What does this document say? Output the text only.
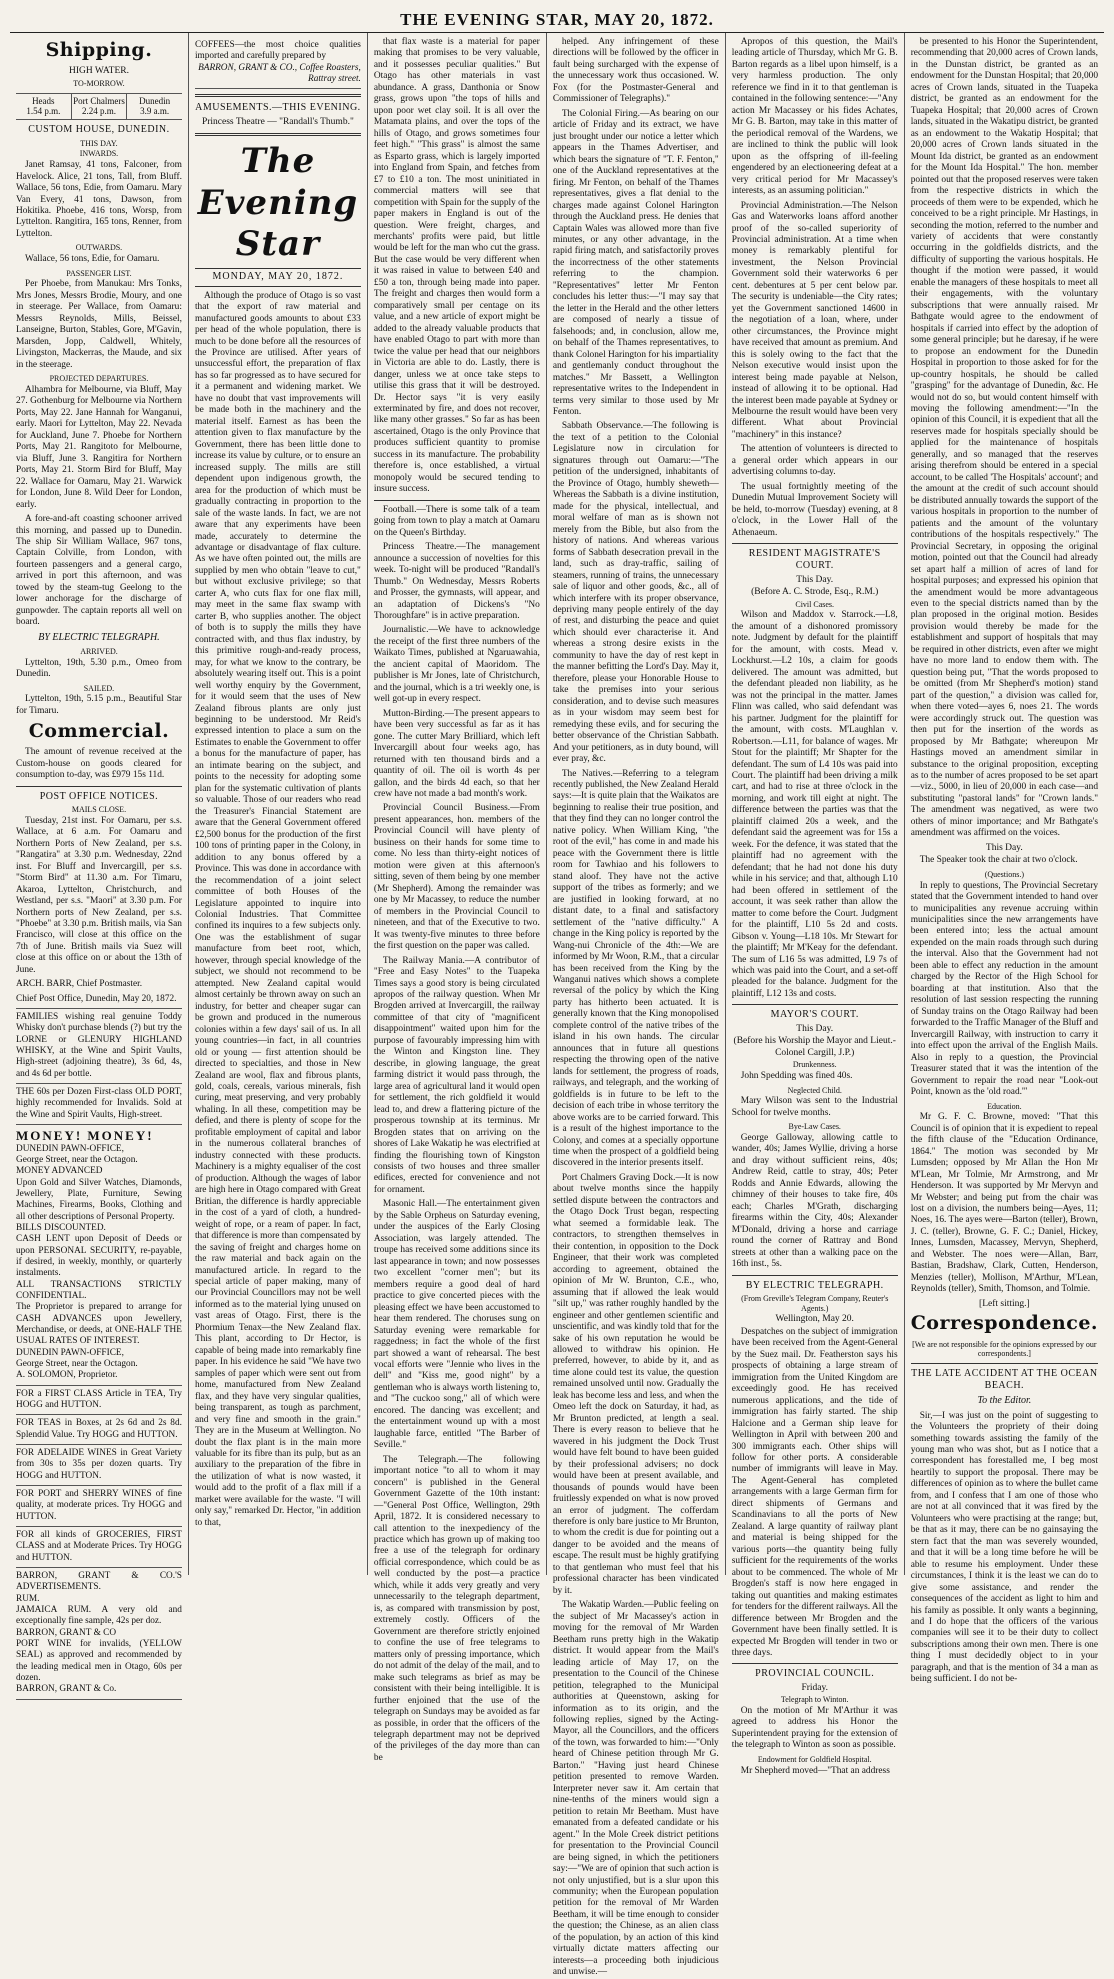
THE EVENING STAR, MAY 20, 1872.
Shipping.
HIGH WATER.
TO-MORROW.
Heads
1.54 p.m.
Port Chalmers
2.24 p.m.
Dunedin
3.9 a.m.
CUSTOM HOUSE, DUNEDIN.
THIS DAY.
INWARDS.

Janet Ramsay, 41 tons, Falconer, from Havelock. Alice, 21 tons, Tall, from Bluff. Wallace, 56 tons, Edie, from Oamaru. Mary Van Every, 41 tons, Dawson, from Hokitika. Phoebe, 416 tons, Worsp, from Lyttelton. Rangitira, 165 tons, Renner, from Lyttelton.

OUTWARDS.

Wallace, 56 tons, Edie, for Oamaru.

PASSENGER LIST.

Per Phoebe, from Manukau: Mrs Tonks, Mrs Jones, Messrs Brodie, Moury, and one in steerage. Per Wallace, from Oamaru: Messrs Reynolds, Mills, Beissel, Lanseigne, Burton, Stables, Gore, M'Gavin, Marsden, Jopp, Caldwell, Whitely, Livingston, Mackerras, the Maude, and six in the steerage.

PROJECTED DEPARTURES.

Alhambra for Melbourne, via Bluff, May 27. Gothenburg for Melbourne via Northern Ports, May 22. Jane Hannah for Wanganui, early. Maori for Lyttelton, May 22. Nevada for Auckland, June 7. Phoebe for Northern Ports, May 21. Rangitoto for Melbourne, via Bluff, June 3. Rangitira for Northern Ports, May 21. Storm Bird for Bluff, May 22. Wallace for Oamaru, May 21. Warwick for London, June 8. Wild Deer for London, early.

A fore-and-aft coasting schooner arrived this morning, and passed up to Dunedin. The ship Sir William Wallace, 967 tons, Captain Colville, from London, with fourteen passengers and a general cargo, arrived in port this afternoon, and was towed by the steam-tug Geelong to the lower anchorage for the discharge of gunpowder. The captain reports all well on board.

BY ELECTRIC TELEGRAPH.
ARRIVED.

Lyttelton, 19th, 5.30 p.m., Omeo from Dunedin.

SAILED.

Lyttelton, 19th, 5.15 p.m., Beautiful Star for Timaru.

Commercial.

The amount of revenue received at the Custom-house on goods cleared for consumption to-day, was £979 15s 11d.

POST OFFICE NOTICES.
MAILS CLOSE.

Tuesday, 21st inst. For Oamaru, per s.s. Wallace, at 6 a.m. For Oamaru and Northern Ports of New Zealand, per s.s. "Rangatira" at 3.30 p.m. Wednesday, 22nd inst. For Bluff and Invercargill, per s.s. "Storm Bird" at 11.30 a.m. For Timaru, Akaroa, Lyttelton, Christchurch, and Westland, per s.s. "Maori" at 3.30 p.m. For Northern ports of New Zealand, per s.s. "Phoebe" at 3.30 p.m. British mails, via San Francisco, will close at this office on the 7th of June. British mails via Suez will close at this office on or about the 13th of June.

ARCH. BARR, Chief Postmaster.
Chief Post Office, Dunedin, May 20, 1872.
FAMILIES wishing real genuine Toddy Whisky don't purchase blends (?) but try the LORNE or GLENURY HIGHLAND WHISKY, at the Wine and Spirit Vaults, High-street (adjoining theatre), 3s 6d, 4s, and 4s 6d per bottle.
THE 60s per Dozen First-class OLD PORT, highly recommended for Invalids. Sold at the Wine and Spirit Vaults, High-street.
MONEY! MONEY!
DUNEDIN PAWN-OFFICE,
George Street, near the Octagon.
MONEY ADVANCED
Upon Gold and Silver Watches, Diamonds, Jewellery, Plate, Furniture, Sewing Machines, Firearms, Books, Clothing and all other descriptions of Personal Property.
BILLS DISCOUNTED.
CASH LENT upon Deposit of Deeds or upon PERSONAL SECURITY, re-payable, if desired, in weekly, monthly, or quarterly instalments.
ALL TRANSACTIONS STRICTLY CONFIDENTIAL.
The Proprietor is prepared to arrange for CASH ADVANCES upon Jewellery, Merchandise, or deeds, at ONE-HALF THE USUAL RATES OF INTEREST.
DUNEDIN PAWN-OFFICE,
George Street, near the Octagon.
A. SOLOMON, Proprietor.
FOR a FIRST CLASS Article in TEA, Try HOGG and HUTTON.
FOR TEAS in Boxes, at 2s 6d and 2s 8d. Splendid Value. Try HOGG and HUTTON.
FOR ADELAIDE WINES in Great Variety from 30s to 35s per dozen quarts. Try HOGG and HUTTON.
FOR PORT and SHERRY WINES of fine quality, at moderate prices. Try HOGG and HUTTON.
FOR all kinds of GROCERIES, FIRST CLASS and at Moderate Prices. Try HOGG and HUTTON.
BARRON, GRANT & CO.'S ADVERTISEMENTS.
RUM.
JAMAICA RUM. A very old and exceptionally fine sample, 42s per doz.
BARRON, GRANT & CO
PORT WINE for invalids, (YELLOW SEAL) as approved and recommended by the leading medical men in Otago, 60s per dozen.
BARRON, GRANT & Co.
COFFEES—the most choice qualities imported and carefully prepared by
BARRON, GRANT & CO., Coffee Roasters, Rattray street.
AMUSEMENTS.—THIS EVENING.
Princess Theatre — "Randall's Thumb."
The Evening Star
MONDAY, MAY 20, 1872.

Although the produce of Otago is so vast that the export of raw material and manufactured goods amounts to about £33 per head of the whole population, there is much to be done before all the resources of the Province are utilised. After years of unsuccessful effort, the preparation of flax has so far progressed as to have secured for it a permanent and widening market. We have no doubt that vast improvements will be made both in the machinery and the material itself. Earnest as has been the attention given to flax manufacture by the Government, there has been little done to increase its value by culture, or to ensure an increased supply. The mills are still dependent upon indigenous growth, the area for the production of which must be gradually contracting in proportion to the sale of the waste lands. In fact, we are not aware that any experiments have been made, accurately to determine the advantage or disadvantage of flax culture. As we have often pointed out, the mills are supplied by men who obtain "leave to cut," but without exclusive privilege; so that carter A, who cuts flax for one flax mill, may meet in the same flax swamp with carter B, who supplies another. The object of both is to supply the mills they have contracted with, and thus flax industry, by this primitive rough-and-ready process, may, for what we know to the contrary, be absolutely wearing itself out. This is a point well worthy enquiry by the Government, for it would seem that the uses of New Zealand fibrous plants are only just beginning to be understood. Mr Reid's expressed intention to place a sum on the Estimates to enable the Government to offer a bonus for the manufacture of paper, has an intimate bearing on the subject, and points to the necessity for adopting some plan for the systematic cultivation of plants so valuable. Those of our readers who read the Treasurer's Financial Statement are aware that the General Government offered £2,500 bonus for the production of the first 100 tons of printing paper in the Colony, in addition to any bonus offered by a Province. This was done in accordance with the recommendation of a joint select committee of both Houses of the Legislature appointed to inquire into Colonial Industries. That Committee confined its inquires to a few subjects only. One was the establishment of sugar manufacture from beet root, which, however, through special knowledge of the subject, we should not recommend to be attempted. New Zealand capital would almost certainly be thrown away on such an industry, for better and cheaper sugar can be grown and produced in the numerous colonies within a few days' sail of us. In all young countries—in fact, in all countries old or young — first attention should be directed to specialties, and those in New Zealand are wool, flax and fibrous plants, gold, coals, cereals, various minerals, fish curing, meat preserving, and very probably whaling. In all these, competition may be defied, and there is plenty of scope for the profitable employment of capital and labor in the numerous collateral branches of industry connected with these products. Machinery is a mighty equaliser of the cost of production. Although the wages of labor are high here in Otago compared with Great Britian, the difference is hardly appreciable in the cost of a yard of cloth, a hundred-weight of rope, or a ream of paper. In fact, that difference is more than compensated by the saving of freight and charges home on the raw material and back again on the manufactured article. In regard to the special article of paper making, many of our Provincial Councillors may not be well informed as to the material lying unused on vast areas of Otago. First, there is the Phormium Tenax—the New Zealand flax. This plant, according to Dr Hector, is capable of being made into remarkably fine paper. In his evidence he said "We have two samples of paper which were sent out from home, manufactured from New Zealand flax, and they have very singular qualities, being transparent, as tough as parchment, and very fine and smooth in the grain." They are in the Museum at Wellington. No doubt the flax plant is in the main more valuable for its fibre than its pulp, but as an auxiliary to the preparation of the fibre in the utilization of what is now wasted, it would add to the profit of a flax mill if a market were available for the waste. "I will only say," remarked Dr. Hector, "in addition to that,

that flax waste is a material for paper making that promises to be very valuable, and it possesses peculiar qualities." But Otago has other materials in vast abundance. A grass, Danthonia or Snow grass, grows upon "the tops of hills and upon poor wet clay soil. It is all over the Matamata plains, and over the tops of the hills of Otago, and grows sometimes four feet high." "This grass" is almost the same as Esparto grass, which is largely imported into England from Spain, and fetches from £7 to £10 a ton. The most uninitiated in commercial matters will see that competition with Spain for the supply of the paper makers in England is out of the question. Were freight, charges, and merchants' profits were paid, but little would be left for the man who cut the grass. But the case would be very different when it was raised in value to between £40 and £50 a ton, through being made into paper. The freight and charges then would form a comparatively small per centage on its value, and a new article of export might be added to the already valuable products that have enabled Otago to part with more than twice the value per head that our neighbors in Victoria are able to do. Lastly, there is danger, unless we at once take steps to utilise this grass that it will be destroyed. Dr. Hector says "it is very easily exterminated by fire, and does not recover, like many other grasses." So far as has been ascertained, Otago is the only Province that produces sufficient quantity to promise success in its manufacture. The probability therefore is, once established, a virtual monopoly would be secured tending to insure success.

Football.—There is some talk of a team going from town to play a match at Oamaru on the Queen's Birthday.

Princess Theatre.—The management announce a succession of novelties for this week. To-night will be produced "Randall's Thumb." On Wednesday, Messrs Roberts and Prosser, the gymnasts, will appear, and an adaptation of Dickens's "No Thoroughfare" is in active preparation.

Journalistic.—We have to acknowledge the receipt of the first three numbers of the Waikato Times, published at Ngaruawahia, the ancient capital of Maoridom. The publisher is Mr Jones, late of Christchurch, and the journal, which is a tri weekly one, is well got-up in every respect.

Mutton-Birding.—The present appears to have been very successful as far as it has gone. The cutter Mary Brilliard, which left Invercargill about four weeks ago, has returned with ten thousand birds and a quantity of oil. The oil is worth 4s per gallon, and the birds 4d each, so that her crew have not made a bad month's work.

Provincial Council Business.—From present appearances, hon. members of the Provincial Council will have plenty of business on their hands for some time to come. No less than thirty-eight notices of motion were given at this afternoon's sitting, seven of them being by one member (Mr Shepherd). Among the remainder was one by Mr Macassey, to reduce the number of members in the Provincial Council to nineteen, and that of the Executive to two. It was twenty-five minutes to three before the first question on the paper was called.

The Railway Mania.—A contributor of "Free and Easy Notes" to the Tuapeka Times says a good story is being circulated apropos of the railway question. When Mr Brogden arrived at Invercargill, the railway committee of that city of "magnificent disappointment" waited upon him for the purpose of favourably impressing him with the Winton and Kingston line. They describe, in glowing language, the great farming district it would pass through, the large area of agricultural land it would open for settlement, the rich goldfield it would lead to, and drew a flattering picture of the prosperous township at its terminus. Mr Brogden states that on arriving on the shores of Lake Wakatip he was electrified at finding the flourishing town of Kingston consists of two houses and three smaller edifices, erected for convenience and not for ornament.

Masonic Hall.—The entertainment given by the Sable Orpheus on Saturday evening, under the auspices of the Early Closing Association, was largely attended. The troupe has received some additions since its last appearance in town; and now possesses two excellent "corner men"; but its members require a good deal of hard practice to give concerted pieces with the pleasing effect we have been accustomed to hear them rendered. The choruses sung on Saturday evening were remarkable for raggedness; in fact the whole of the first part showed a want of rehearsal. The best vocal efforts were "Jennie who lives in the dell" and "Kiss me, good night" by a gentleman who is always worth listening to, and "The cuckoo song," all of which were encored. The dancing was excellent; and the entertainment wound up with a most laughable farce, entitled "The Barber of Seville."

The Telegraph.—The following important notice "to all to whom it may concern" is published in the General Government Gazette of the 10th instant:—"General Post Office, Wellington, 29th April, 1872. It is considered necessary to call attention to the inexpediency of the practice which has grown up of making too free a use of the telegraph for ordinary official correspondence, which could be as well conducted by the post—a practice which, while it adds very greatly and very unnecessarily to the telegraph department, is, as compared with transmission by post, extremely costly. Officers of the Government are therefore strictly enjoined to confine the use of free telegrams to matters only of pressing importance, which do not admit of the delay of the mail, and to make such telegrams as brief as may be consistent with their being intelligible. It is further enjoined that the use of the telegraph on Sundays may be avoided as far as possible, in order that the officers of the telegraph department may not be deprived of the privileges of the day more than can be

helped. Any infringement of these directions will be followed by the officer in fault being surcharged with the expense of the unnecessary work thus occasioned. W. Fox (for the Postmaster-General and Commissioner of Telegraphs)."

The Colonial Firing.—As bearing on our article of Friday and its extract, we have just brought under our notice a letter which appears in the Thames Advertiser, and which bears the signature of "T. F. Fenton," one of the Auckland representatives at the firing. Mr Fenton, on behalf of the Thames representatives, gives a flat denial to the charges made against Colonel Harington through the Auckland press. He denies that Captain Wales was allowed more than five minutes, or any other advantage, in the rapid firing match, and satisfactorily proves the incorrectness of the other statements referring to the champion. "Representatives" letter Mr Fenton concludes his letter thus:—"I may say that the letter in the Herald and the other letters are composed of nearly a tissue of falsehoods; and, in conclusion, allow me, on behalf of the Thames representatives, to thank Colonel Harington for his impartiality and gentlemanly conduct throughout the matches." Mr Bassett, a Wellington representative writes to the Independent in terms very similar to those used by Mr Fenton.

Sabbath Observance.—The following is the text of a petition to the Colonial Legislature now in circulation for signatures through out Oamaru:—"The petition of the undersigned, inhabitants of the Province of Otago, humbly sheweth—Whereas the Sabbath is a divine institution, made for the physical, intellectual, and moral welfare of man as is shown not merely from the Bible, but also from the history of nations. And whereas various forms of Sabbath desecration prevail in the land, such as dray-traffic, sailing of steamers, running of trains, the unnecessary sale of liquor and other goods, &c., all of which interfere with its proper observance, depriving many people entirely of the day of rest, and disturbing the peace and quiet which should ever characterise it. And whereas a strong desire exists in the community to have the day of rest kept in the manner befitting the Lord's Day. May it, therefore, please your Honorable House to take the premises into your serious consideration, and to devise such measures as in your wisdom may seem best for remedying these evils, and for securing the better observance of the Christian Sabbath. And your petitioners, as in duty bound, will ever pray, &c.

The Natives.—Referring to a telegram recently published, the New Zealand Herald says:—It is quite plain that the Waikatos are beginning to realise their true position, and that they find they can no longer control the native policy. When William King, "the root of the evil," has come in and made his peace with the Government there is little room for Tawhiao and his followers to stand aloof. They have not the active support of the tribes as formerly; and we are justified in looking forward, at no distant date, to a final and satisfactory settlement of the "native difficulty." A change in the King policy is reported by the Wang-nui Chronicle of the 4th:—We are informed by Mr Woon, R.M., that a circular has been received from the King by the Wanganui natives which shows a complete reversal of the policy by which the King party has hitherto been actuated. It is generally known that the King monopolised complete control of the native tribes of the island in his own hands. The circular announces that in future all questions respecting the throwing open of the native lands for settlement, the progress of roads, railways, and telegraph, and the working of goldfields is in future to be left to the decision of each tribe in whose territory the above works are to be carried forward. This is a result of the highest importance to the Colony, and comes at a specially opportune time when the prospect of a goldfield being discovered in the interior presents itself.

Port Chalmers Graving Dock.—It is now about twelve months since the happily settled dispute between the contractors and the Otago Dock Trust began, respecting what seemed a formidable leak. The contractors, to strengthen themselves in their contention, in opposition to the Dock Engineer, that their work was completed according to agreement, obtained the opinion of Mr W. Brunton, C.E., who, assuming that if allowed the leak would "silt up," was rather roughly handled by the engineer and other gentlemen scientific and unscientific, and was kindly told that for the sake of his own reputation he would be allowed to withdraw his opinion. He preferred, however, to abide by it, and as time alone could test its value, the question remained unsolved until now. Gradually the leak has become less and less, and when the Omeo left the dock on Saturday, it had, as Mr Brunton predicted, at length a seal. There is every reason to believe that he wavered in his judgment the Dock Trust would have felt bound to have been guided by their professional advisers; no dock would have been at present available, and thousands of pounds would have been fruitlessly expended on what is now proved an error of judgment. The cofferdam therefore is only bare justice to Mr Brunton, to whom the credit is due for pointing out a danger to be avoided and the means of escape. The result must be highly gratifying to that gentleman who must feel that his professional character has been vindicated by it.

The Wakatip Warden.—Public feeling on the subject of Mr Macassey's action in moving for the removal of Mr Warden Beetham runs pretty high in the Wakatip district. It would appear from the Mail's leading article of May 17, on the presentation to the Council of the Chinese petition, telegraphed to the Municipal authorities at Queenstown, asking for information as to its origin, and the following replies, signed by the Acting-Mayor, all the Councillors, and the officers of the town, was forwarded to him:—"Only heard of Chinese petition through Mr G. Barton." "Having just heard Chinese petition presented to remove Warden. Interpreter never saw it. Am certain that nine-tenths of the miners would sign a petition to retain Mr Beetham. Must have emanated from a defeated candidate or his agent." In the Mole Creek district petitions for presentation to the Provincial Council are being signed, in which the petitioners say:—"We are of opinion that such action is not only unjustified, but is a slur upon this community; when the European population petition for the removal of Mr Warden Beetham, it will be time enough to consider the question; the Chinese, as an alien class of the population, by an action of this kind virtually dictate matters affecting our interests—a proceeding both injudicious and unwise.—

Apropos of this question, the Mail's leading article of Thursday, which Mr G. B. Barton regards as a libel upon himself, is a very harmless production. The only reference we find in it to that gentleman is contained in the following sentence:—"Any action Mr Macassey or his fides Achates, Mr G. B. Barton, may take in this matter of the periodical removal of the Wardens, we are inclined to think the public will look upon as the offspring of ill-feeling engendered by an electioneering defeat at a very critical period for Mr Macassey's interests, as an assuming politician."

Provincial Administration.—The Nelson Gas and Waterworks loans afford another proof of the so-called superiority of Provincial administration. At a time when money is remarkably plentiful for investment, the Nelson Provincial Government sold their waterworks 6 per cent. debentures at 5 per cent below par. The security is undeniable—the City rates; yet the Government sanctioned 14600 in the negotiation of a loan, where, under other circumstances, the Province might have received that amount as premium. And this is solely owing to the fact that the Nelson executive would insist upon the interest being made payable at Nelson, instead of allowing it to be optional. Had the interest been made payable at Sydney or Melbourne the result would have been very different. What about Provincial "machinery" in this instance?

The attention of volunteers is directed to a general order which appears in our advertising columns to-day.

The usual fortnightly meeting of the Dunedin Mutual Improvement Society will be held, to-morrow (Tuesday) evening, at 8 o'clock, in the Lower Hall of the Athenaeum.

RESIDENT MAGISTRATE'S COURT.
This Day.
(Before A. C. Strode, Esq., R.M.)
Civil Cases.

Wilson and Maddox v. Starrock.—L8, the amount of a dishonored promissory note. Judgment by default for the plaintiff for the amount, with costs. Mead v. Lockhurst.—L2 10s, a claim for goods delivered. The amount was admitted, but the defendant pleaded non liability, as he was not the principal in the matter. James Flinn was called, who said defendant was his partner. Judgment for the plaintiff for the amount, with costs. M'Laughlan v. Robertson.—L11, for balance of wages. Mr Stout for the plaintiff; Mr Shapter for the defendant. The sum of L4 10s was paid into Court. The plaintiff had been driving a milk cart, and had to rise at three o'clock in the morning, and work till eight at night. The difference between the parties was that the plaintiff claimed 20s a week, and the defendant said the agreement was for 15s a week. For the defence, it was stated that the plaintiff had no agreement with the defendant; that he had not done his duty while in his service; and that, although L10 had been offered in settlement of the account, it was seek rather than allow the matter to come before the Court. Judgment for the plaintiff, L10 5s 2d and costs. Gibson v. Young—L18 10s. Mr Stewart for the plaintiff; Mr M'Keay for the defendant. The sum of L16 5s was admitted, L9 7s of which was paid into the Court, and a set-off pleaded for the balance. Judgment for the plaintiff, L12 13s and costs.

MAYOR'S COURT.
This Day.
(Before his Worship the Mayor and Lieut.-Colonel Cargill, J.P.)
Drunkenness.

John Spedding was fined 40s.

Neglected Child.

Mary Wilson was sent to the Industrial School for twelve months.

Bye-Law Cases.

George Galloway, allowing cattle to wander, 40s; James Wyllie, driving a horse and dray without sufficient reins, 40s; Andrew Reid, cattle to stray, 40s; Peter Rodds and Annie Edwards, allowing the chimney of their houses to take fire, 40s each; Charles M'Grath, discharging firearms within the City, 40s; Alexander M'Donald, driving a horse and carriage round the corner of Rattray and Bond streets at other than a walking pace on the 16th inst., 5s.

BY ELECTRIC TELEGRAPH.
(From Greville's Telegram Company, Reuter's Agents.)
Wellington, May 20.

Despatches on the subject of immigration have been received from the Agent-General by the Suez mail. Dr. Featherston says his prospects of obtaining a large stream of immigration from the United Kingdom are exceedingly good. He has received numerous applications, and the tide of immigration has fairly started. The ship Halcione and a German ship leave for Wellington in April with between 200 and 300 immigrants each. Other ships will follow for other ports. A considerable number of immigrants will leave in May. The Agent-General has completed arrangements with a large German firm for direct shipments of Germans and Scandinavians to all the ports of New Zealand. A large quantity of railway plant and material is being shipped for the various ports—the quantity being fully sufficient for the requirements of the works about to be commenced. The whole of Mr Brogden's staff is now here engaged in taking out quantities and making estimates for tenders for the different railways. All the difference between Mr Brogden and the Government have been finally settled. It is expected Mr Brogden will tender in two or three days.

PROVINCIAL COUNCIL.
Friday.
Telegraph to Winton.

On the motion of Mr M'Arthur it was agreed to address his Honor the Superintendent praying for the extension of the telegraph to Winton as soon as possible.

Endowment for Goldfield Hospital.

Mr Shepherd moved—"That an address

be presented to his Honor the Superintendent, recommending that 20,000 acres of Crown lands, in the Dunstan district, be granted as an endowment for the Dunstan Hospital; that 20,000 acres of Crown lands, situated in the Tuapeka district, be granted as an endowment for the Tuapeka Hospital; that 20,000 acres of Crown lands, situated in the Wakatipu district, be granted as an endowment to the Wakatip Hospital; that 20,000 acres of Crown lands situated in the Mount Ida district, be granted as an endowment for the Mount Ida Hospital." The hon. member pointed out that the proposed reserves were taken from the respective districts in which the proceeds of them were to be expended, which he conceived to be a right principle. Mr Hastings, in seconding the motion, referred to the number and variety of accidents that were constantly occurring in the goldfields districts, and the difficulty of supporting the various hospitals. He thought if the motion were passed, it would enable the managers of these hospitals to meet all their engagements, with the voluntary subscriptions that were annually raised. Mr Bathgate would agree to the endowment of hospitals if carried into effect by the adoption of some general principle; but he daresay, if he were to propose an endowment for the Dunedin Hospital in proportion to those asked for for the up-country hospitals, he should be called "grasping" for the advantage of Dunedin, &c. He would not do so, but would content himself with moving the following amendment:—"In the opinion of this Council, it is expedient that all the reserves made for hospitals specially should be applied for the maintenance of hospitals generally, and so managed that the reserves arising therefrom should be entered in a special account, to be called 'The Hospitals' account'; and the amount at the credit of such account should be distributed annually towards the support of the various hospitals in proportion to the number of patients and the amount of the voluntary contributions of the hospitals respectively." The Provincial Secretary, in opposing the original motion, pointed out that the Council had already set apart half a million of acres of land for hospital purposes; and expressed his opinion that the amendment would be more advantageous even to the special districts named than by the plan proposed in the original motion. Besides provision would thereby be made for the establishment and support of hospitals that may be required in other districts, even after we might have no more land to endow them with. The question being put, "That the words proposed to be omitted (from Mr Shepherd's motion) stand part of the question," a division was called for, when there voted—ayes 6, noes 21. The words were accordingly struck out. The question was then put for the insertion of the words as proposed by Mr Bathgate; whereupon Mr Hastings moved an amendment similar in substance to the original proposition, excepting as to the number of acres proposed to be set apart—viz., 5000, in lieu of 20,000 in each case—and substituting "pastoral lands" for "Crown lands." The amendment was negatived, as were two others of minor importance; and Mr Bathgate's amendment was affirmed on the voices.

This Day.

The Speaker took the chair at two o'clock.

(Questions.)

In reply to questions, The Provincial Secretary stated that the Government intended to hand over to municipalities any revenue accruing within municipalities since the new arrangements have been entered into; less the actual amount expended on the main roads through such during the interval. Also that the Government had not been able to effect any reduction in the amount charged by the Rector of the High School for boarding at that institution. Also that the resolution of last session respecting the running of Sunday trains on the Otago Railway had been forwarded to the Traffic Manager of the Bluff and Invercargill Railway, with instruction to carry it into effect upon the arrival of the English Mails. Also in reply to a question, the Provincial Treasurer stated that it was the intention of the Government to repair the road near "Look-out Point, known as the 'old road.'"

Education.

Mr G. F. C. Browne, moved: "That this Council is of opinion that it is expedient to repeal the fifth clause of the "Education Ordinance, 1864." The motion was seconded by Mr Lumsden; opposed by Mr Allan the Hon Mr M'Lean, Mr Tolmie, Mr Armstrong, and Mr Henderson. It was supported by Mr Mervyn and Mr Webster; and being put from the chair was lost on a division, the numbers being—Ayes, 11; Noes, 16. The ayes were—Barton (teller), Brown, J. C. (teller), Browne, G. F. C.; Daniel, Hickey, Innes, Lumsden, Macassey, Mervyn, Shepherd, and Webster. The noes were—Allan, Barr, Bastian, Bradshaw, Clark, Cutten, Henderson, Menzies (teller), Mollison, M'Arthur, M'Lean, Reynolds (teller), Smith, Thomson, and Tolmie.

[Left sitting.]
Correspondence.
[We are not responsible for the opinions expressed by our correspondents.]
THE LATE ACCIDENT AT THE OCEAN BEACH.
To the Editor.

Sir,—I was just on the point of suggesting to the Volunteers the propriety of their doing something towards assisting the family of the young man who was shot, but as I notice that a correspondent has forestalled me, I beg most heartily to support the proposal. There may be differences of opinion as to where the bullet came from, and I confess that I am one of those who are not at all convinced that it was fired by the Volunteers who were practising at the range; but, be that as it may, there can be no gainsaying the stern fact that the man was severely wounded, and that it will be a long time before he will be able to resume his employment. Under these circumstances, I think it is the least we can do to give some assistance, and render the consequences of the accident as light to him and his family as possible. It only wants a beginning, and I do hope that the officers of the various companies will see it to be their duty to collect subscriptions among their own men. There is one thing I must decidedly object to in your paragraph, and that is the mention of 34 a man as being sufficient. I do not be-
